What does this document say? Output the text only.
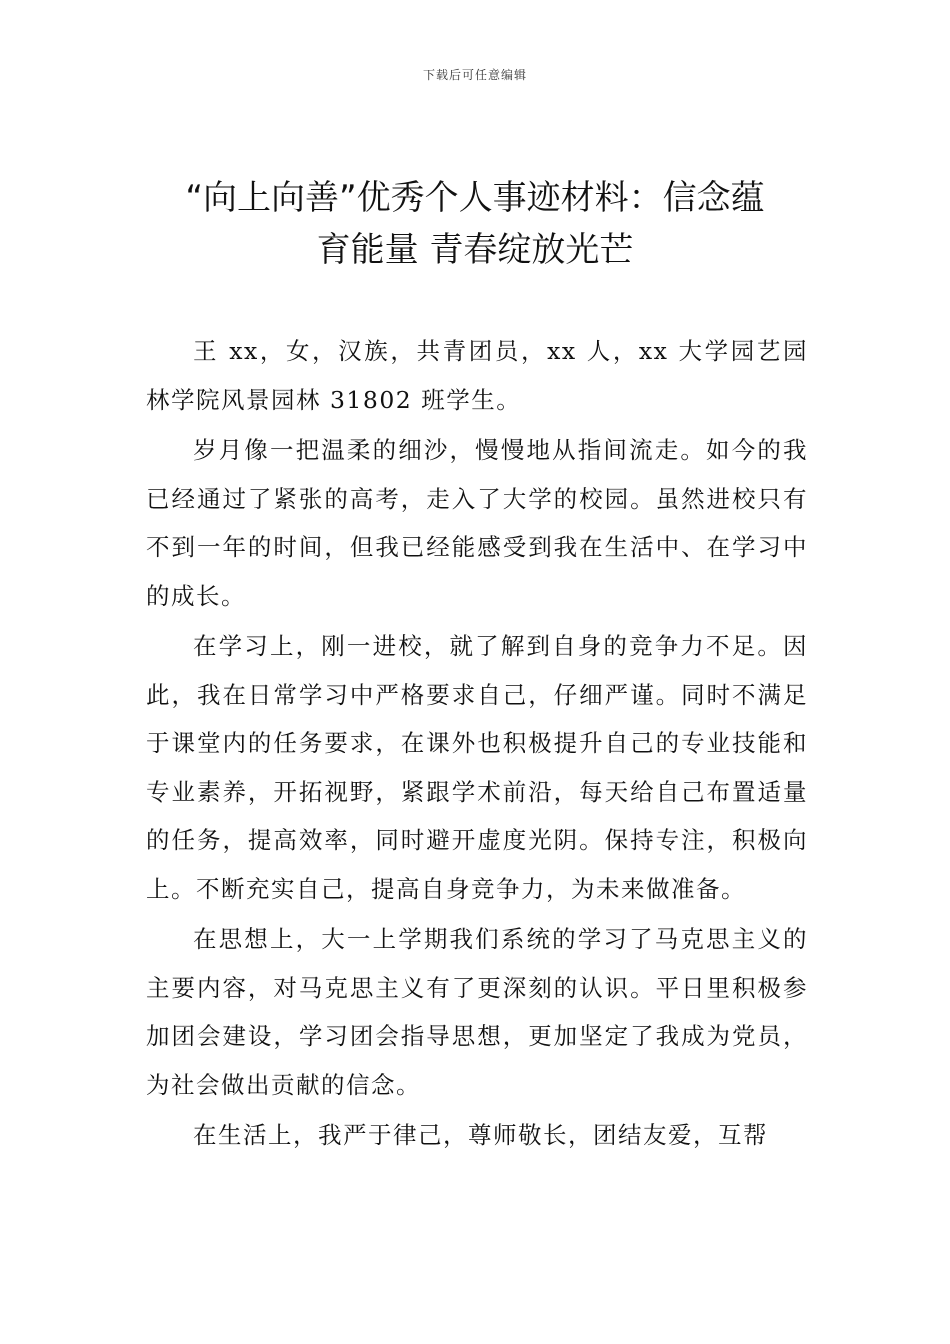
下载后可任意编辑
“向上向善”优秀个人事迹材料：信念蕴
育能量 青春绽放光芒

王 xx，女，汉族，共青团员，xx 人，xx 大学园艺园林学院风景园林 31802 班学生。

岁月像一把温柔的细沙，慢慢地从指间流走。如今的我已经通过了紧张的高考，走入了大学的校园。虽然进校只有不到一年的时间，但我已经能感受到我在生活中、在学习中的成长。

在学习上，刚一进校，就了解到自身的竞争力不足。因此，我在日常学习中严格要求自己，仔细严谨。同时不满足于课堂内的任务要求，在课外也积极提升自己的专业技能和专业素养，开拓视野，紧跟学术前沿，每天给自己布置适量的任务，提高效率，同时避开虚度光阴。保持专注，积极向上。不断充实自己，提高自身竞争力，为未来做准备。

在思想上，大一上学期我们系统的学习了马克思主义的主要内容，对马克思主义有了更深刻的认识。平日里积极参加团会建设，学习团会指导思想，更加坚定了我成为党员，为社会做出贡献的信念。

在生活上，我严于律己，尊师敬长，团结友爱，互帮
